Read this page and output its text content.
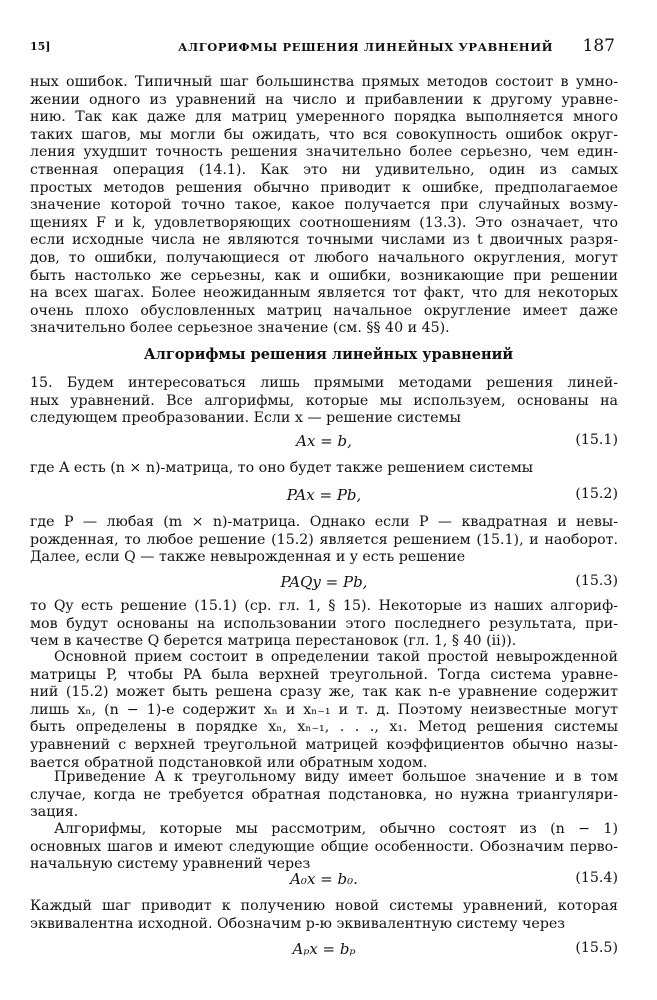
15]	АЛГОРИФМЫ РЕШЕНИЯ ЛИНЕЙНЫХ УРАВНЕНИЙ 187
ных ошибок. Типичный шаг большинства прямых методов состоит в умно-
жении одного из уравнений на число и прибавлении к другому уравне-
нию. Так как даже для матриц умеренного порядка выполняется много
таких шагов, мы могли бы ожидать, что вся совокупность ошибок округ-
ления ухудшит точность решения значительно более серьезно, чем един-
ственная операция (14.1). Как это ни удивительно, один из самых
простых методов решения обычно приводит к ошибке, предполагаемое
значение которой точно такое, какое получается при случайных возму-
щениях F и k, удовлетворяющих соотношениям (13.3). Это означает, что
если исходные числа не являются точными числами из t двоичных разря-
дов, то ошибки, получающиеся от любого начального округления, могут
быть настолько же серьезны, как и ошибки, возникающие при решении
на всех шагах. Более неожиданным является тот факт, что для некоторых
очень плохо обусловленных матриц начальное округление имеет даже
значительно более серьезное значение (см. §§ 40 и 45).
Алгорифмы решения линейных уравнений
15. Будем интересоваться лишь прямыми методами решения линей-
ных уравнений. Все алгорифмы, которые мы используем, основаны на
следующем преобразовании. Если x — решение системы
Ax = b,	(15.1)
где A есть (n × n)-матрица, то оно будет также решением системы
PAx = Pb,	(15.2)
где P — любая (m × n)-матрица. Однако если P — квадратная и невы-
рожденная, то любое решение (15.2) является решением (15.1), и наоборот.
Далее, если Q — также невырожденная и y есть решение
PAQy = Pb,	(15.3)
то Qy есть решение (15.1) (ср. гл. 1, § 15). Некоторые из наших алгориф-
мов будут основаны на использовании этого последнего результата, при-
чем в качестве Q берется матрица перестановок (гл. 1, § 40 (ii)).
Основной прием состоит в определении такой простой невырожденной
матрицы P, чтобы PA была верхней треугольной. Тогда система уравне-
ний (15.2) может быть решена сразу же, так как n-е уравнение содержит
лишь xₙ, (n − 1)-е содержит xₙ и xₙ₋₁ и т. д. Поэтому неизвестные могут
быть определены в порядке xₙ, xₙ₋₁, . . ., x₁. Метод решения системы
уравнений с верхней треугольной матрицей коэффициентов обычно назы-
вается обратной подстановкой или обратным ходом.
Приведение A к треугольному виду имеет большое значение и в том
случае, когда не требуется обратная подстановка, но нужна триангуляри-
зация.
Алгорифмы, которые мы рассмотрим, обычно состоят из (n − 1)
основных шагов и имеют следующие общие особенности. Обозначим перво-
начальную систему уравнений через
A₀x = b₀.	(15.4)
Каждый шаг приводит к получению новой системы уравнений, которая
эквивалентна исходной. Обозначим p-ю эквивалентную систему через
Aₚx = bₚ	(15.5)
